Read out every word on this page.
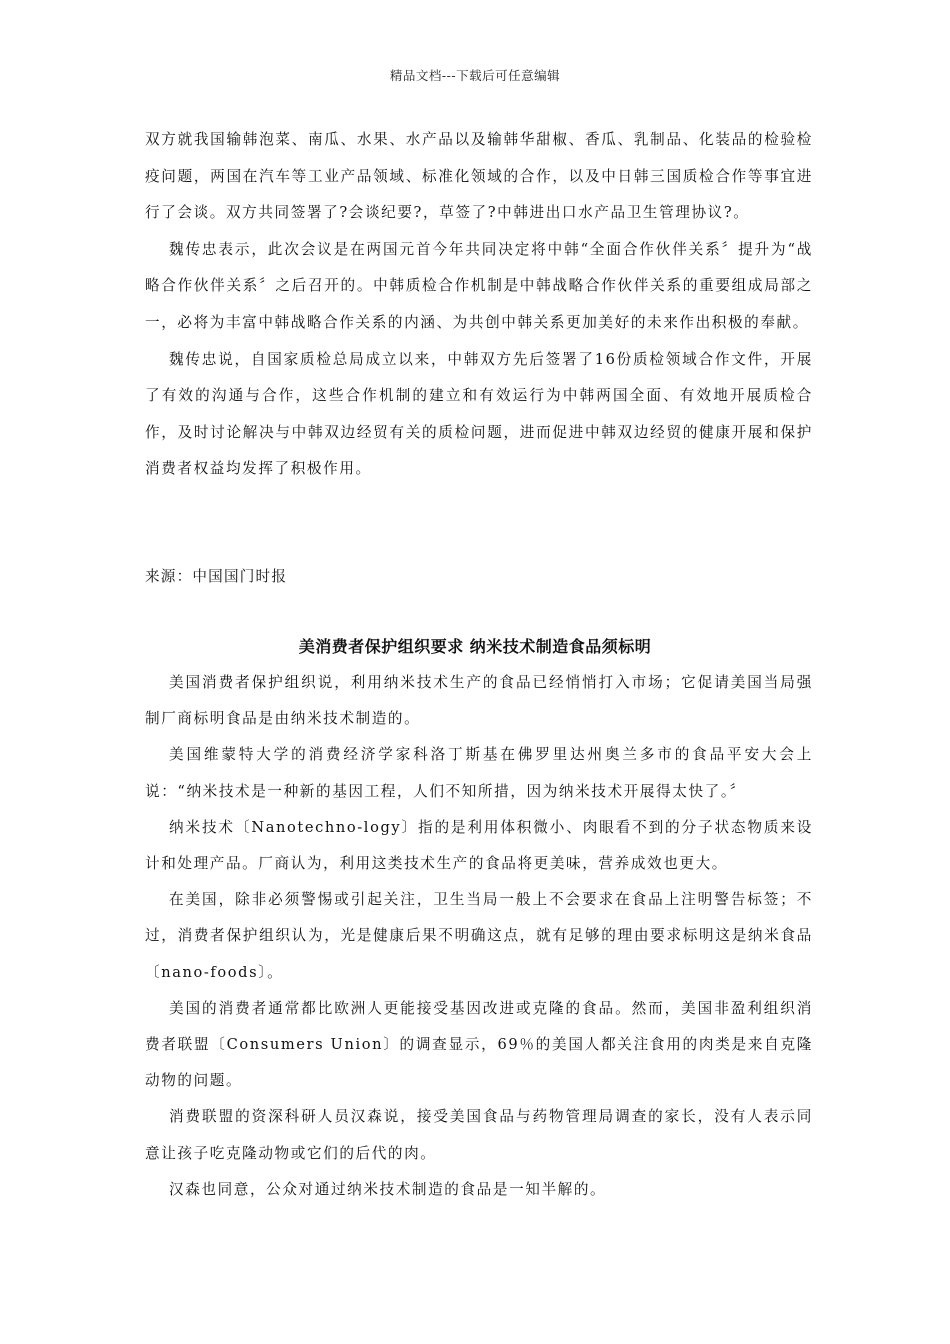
精品文档---下载后可任意编辑

双方就我国输韩泡菜、南瓜、水果、水产品以及输韩华甜椒、香瓜、乳制品、化装品的检验检疫问题，两国在汽车等工业产品领域、标准化领域的合作，以及中日韩三国质检合作等事宜进行了会谈。双方共同签署了?会谈纪要?，草签了?中韩进出口水产品卫生管理协议?。

魏传忠表示，此次会议是在两国元首今年共同决定将中韩“全面合作伙伴关系〞提升为“战略合作伙伴关系〞之后召开的。中韩质检合作机制是中韩战略合作伙伴关系的重要组成局部之一，必将为丰富中韩战略合作关系的内涵、为共创中韩关系更加美好的未来作出积极的奉献。

魏传忠说，自国家质检总局成立以来，中韩双方先后签署了16份质检领域合作文件，开展了有效的沟通与合作，这些合作机制的建立和有效运行为中韩两国全面、有效地开展质检合作，及时讨论解决与中韩双边经贸有关的质检问题，进而促进中韩双边经贸的健康开展和保护消费者权益均发挥了积极作用。

来源：中国国门时报
美消费者保护组织要求 纳米技术制造食品须标明

美国消费者保护组织说，利用纳米技术生产的食品已经悄悄打入市场；它促请美国当局强制厂商标明食品是由纳米技术制造的。

美国维蒙特大学的消费经济学家科洛丁斯基在佛罗里达州奥兰多市的食品平安大会上说：“纳米技术是一种新的基因工程，人们不知所措，因为纳米技术开展得太快了。〞

纳米技术〔Nanotechno-logy〕指的是利用体积微小、肉眼看不到的分子状态物质来设计和处理产品。厂商认为，利用这类技术生产的食品将更美味，营养成效也更大。

在美国，除非必须警惕或引起关注，卫生当局一般上不会要求在食品上注明警告标签；不过，消费者保护组织认为，光是健康后果不明确这点，就有足够的理由要求标明这是纳米食品〔nano-foods〕。

美国的消费者通常都比欧洲人更能接受基因改进或克隆的食品。然而，美国非盈利组织消费者联盟〔Consumers Union〕的调查显示，69％的美国人都关注食用的肉类是来自克隆动物的问题。

消费联盟的资深科研人员汉森说，接受美国食品与药物管理局调查的家长，没有人表示同意让孩子吃克隆动物或它们的后代的肉。

汉森也同意，公众对通过纳米技术制造的食品是一知半解的。
